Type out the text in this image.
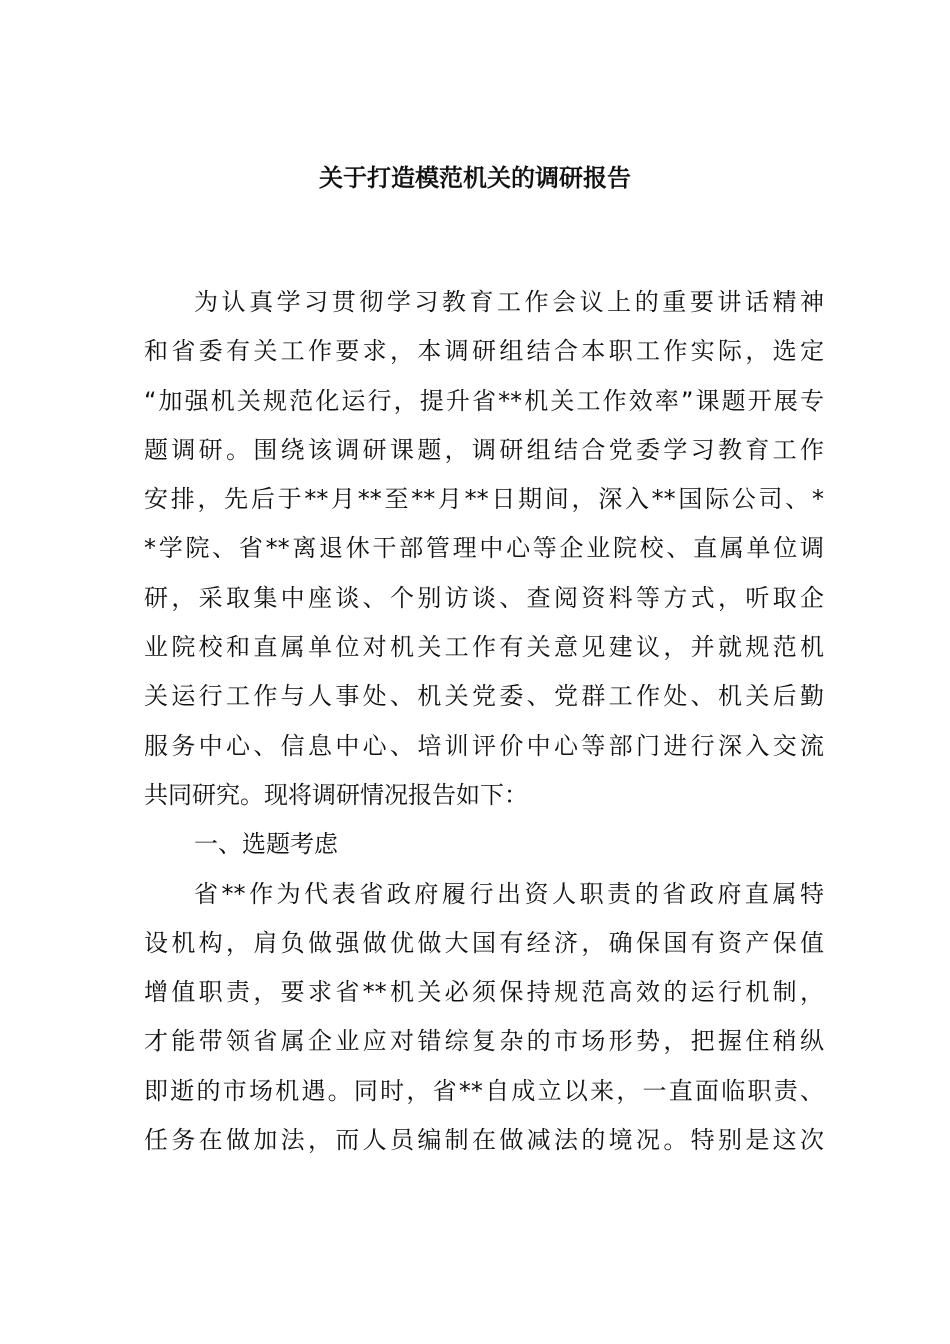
关于打造模范机关的调研报告
为认真学习贯彻学习教育工作会议上的重要讲话精神
和省委有关工作要求，本调研组结合本职工作实际，选定
“加强机关规范化运行，提升省**机关工作效率”课题开展专
题调研。围绕该调研课题，调研组结合党委学习教育工作
安排，先后于**月**至**月**日期间，深入**国际公司、*
*学院、省**离退休干部管理中心等企业院校、直属单位调
研，采取集中座谈、个别访谈、查阅资料等方式，听取企
业院校和直属单位对机关工作有关意见建议，并就规范机
关运行工作与人事处、机关党委、党群工作处、机关后勤
服务中心、信息中心、培训评价中心等部门进行深入交流
共同研究。现将调研情况报告如下：
一、选题考虑
省**作为代表省政府履行出资人职责的省政府直属特
设机构，肩负做强做优做大国有经济，确保国有资产保值
增值职责，要求省**机关必须保持规范高效的运行机制，
才能带领省属企业应对错综复杂的市场形势，把握住稍纵
即逝的市场机遇。同时，省**自成立以来，一直面临职责、
任务在做加法，而人员编制在做减法的境况。特别是这次
